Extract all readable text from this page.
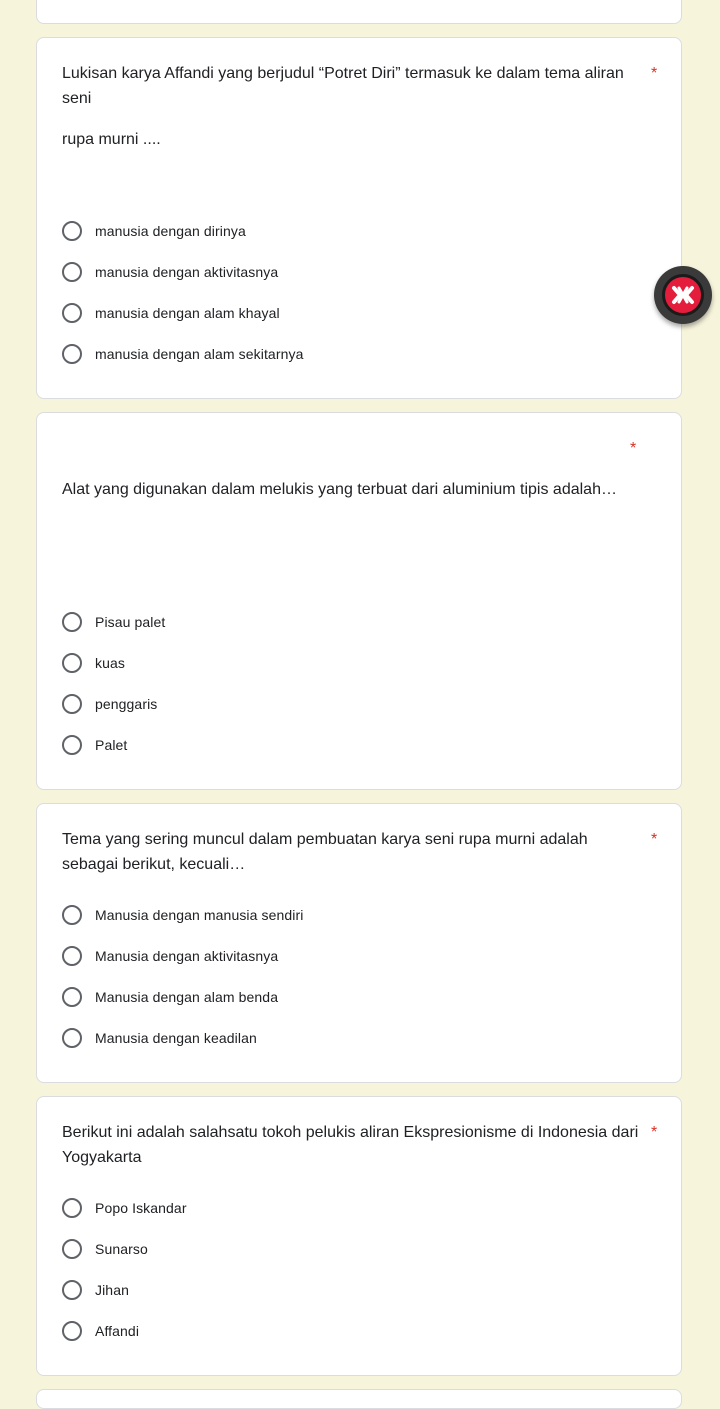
Lukisan karya Affandi yang berjudul “Potret Diri” termasuk ke dalam tema aliran seni
*
rupa murni ....
manusia dengan dirinya
manusia dengan aktivitasnya
manusia dengan alam khayal
manusia dengan alam sekitarnya
*
Alat yang digunakan dalam melukis yang terbuat dari aluminium tipis adalah…
Pisau palet
kuas
penggaris
Palet
Tema yang sering muncul dalam pembuatan karya seni rupa murni adalah sebagai berikut, kecuali…
*
Manusia dengan manusia sendiri
Manusia dengan aktivitasnya
Manusia dengan alam benda
Manusia dengan keadilan
Berikut ini adalah salahsatu tokoh pelukis aliran Ekspresionisme di Indonesia dari Yogyakarta
*
Popo Iskandar
Sunarso
Jihan
Affandi
